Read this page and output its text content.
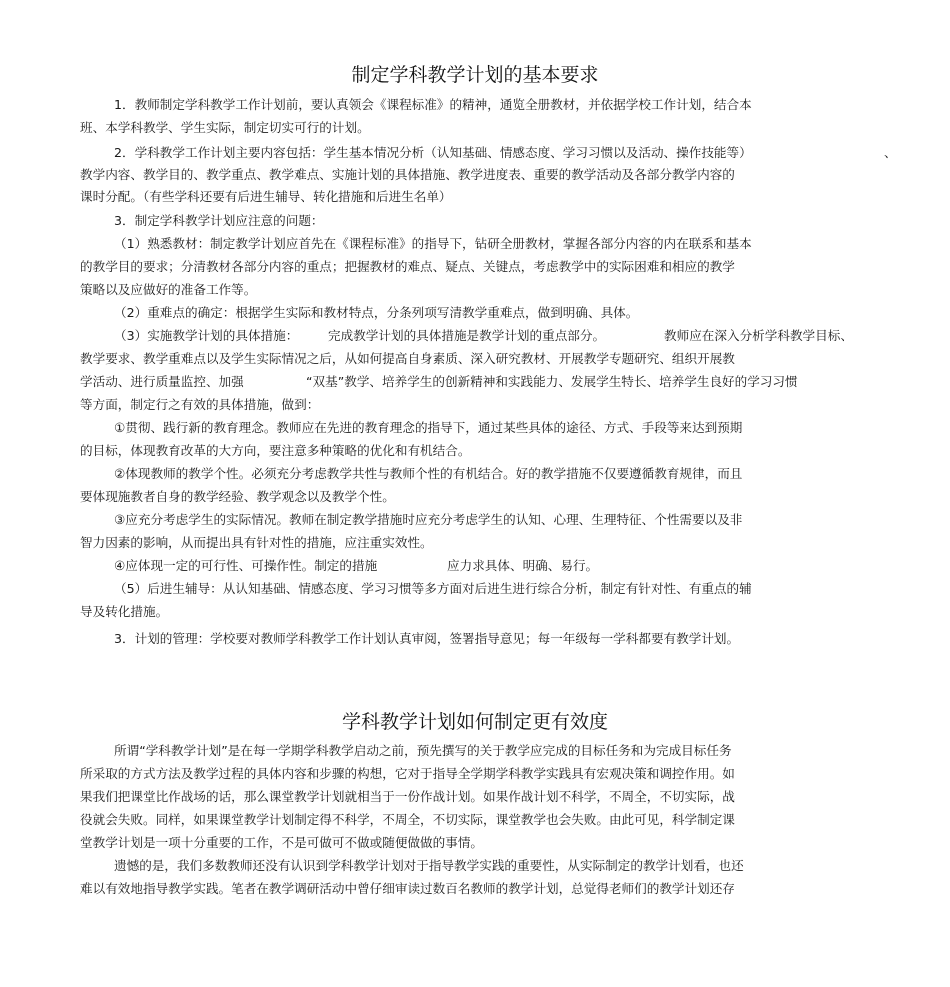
制定学科教学计划的基本要求
1．教师制定学科教学工作计划前，要认真领会《课程标准》的精神，通览全册教材，并依据学校工作计划，结合本
班、本学科教学、学生实际，制定切实可行的计划。
2．学科教学工作计划主要内容包括：学生基本情况分析（认知基础、情感态度、学习习惯以及活动、操作技能等）	、
教学内容、教学目的、教学重点、教学难点、实施计划的具体措施、教学进度表、重要的教学活动及各部分教学内容的
课时分配。（有些学科还要有后进生辅导、转化措施和后进生名单）
3．制定学科教学计划应注意的问题：
（1）熟悉教材：制定教学计划应首先在《课程标准》的指导下，钻研全册教材，掌握各部分内容的内在联系和基本
的教学目的要求；分清教材各部分内容的重点；把握教材的难点、疑点、关键点，考虑教学中的实际困难和相应的教学
策略以及应做好的准备工作等。
（2）重难点的确定：根据学生实际和教材特点，分条列项写清教学重难点，做到明确、具体。
（3）实施教学计划的具体措施： 完成教学计划的具体措施是教学计划的重点部分。	教师应在深入分析学科教学目标、
教学要求、教学重难点以及学生实际情况之后，从如何提高自身素质、深入研究教材、开展教学专题研究、组织开展教
学活动、进行质量监控、加强	“双基”教学、培养学生的创新精神和实践能力、发展学生特长、培养学生良好的学习习惯
等方面，制定行之有效的具体措施，做到：
①贯彻、践行新的教育理念。教师应在先进的教育理念的指导下，通过某些具体的途径、方式、手段等来达到预期
的目标，体现教育改革的大方向，要注意多种策略的优化和有机结合。
②体现教师的教学个性。必须充分考虑教学共性与教师个性的有机结合。好的教学措施不仅要遵循教育规律，而且
要体现施教者自身的教学经验、教学观念以及教学个性。
③应充分考虑学生的实际情况。教师在制定教学措施时应充分考虑学生的认知、心理、生理特征、个性需要以及非
智力因素的影响，从而提出具有针对性的措施，应注重实效性。
④应体现一定的可行性、可操作性。制定的措施	应力求具体、明确、易行。
（5）后进生辅导：从认知基础、情感态度、学习习惯等多方面对后进生进行综合分析，制定有针对性、有重点的辅
导及转化措施。
3．计划的管理：学校要对教师学科教学工作计划认真审阅，签署指导意见；每一年级每一学科都要有教学计划。
学科教学计划如何制定更有效度
所谓“学科教学计划”是在每一学期学科教学启动之前，预先撰写的关于教学应完成的目标任务和为完成目标任务
所采取的方式方法及教学过程的具体内容和步骤的构想，它对于指导全学期学科教学实践具有宏观决策和调控作用。如
果我们把课堂比作战场的话，那么课堂教学计划就相当于一份作战计划。如果作战计划不科学，不周全，不切实际，战
役就会失败。同样，如果课堂教学计划制定得不科学，不周全，不切实际，课堂教学也会失败。由此可见，科学制定课
堂教学计划是一项十分重要的工作，不是可做可不做或随便做做的事情。
遗憾的是，我们多数教师还没有认识到学科教学计划对于指导教学实践的重要性，从实际制定的教学计划看，也还
难以有效地指导教学实践。笔者在教学调研活动中曾仔细审读过数百名教师的教学计划，总觉得老师们的教学计划还存
